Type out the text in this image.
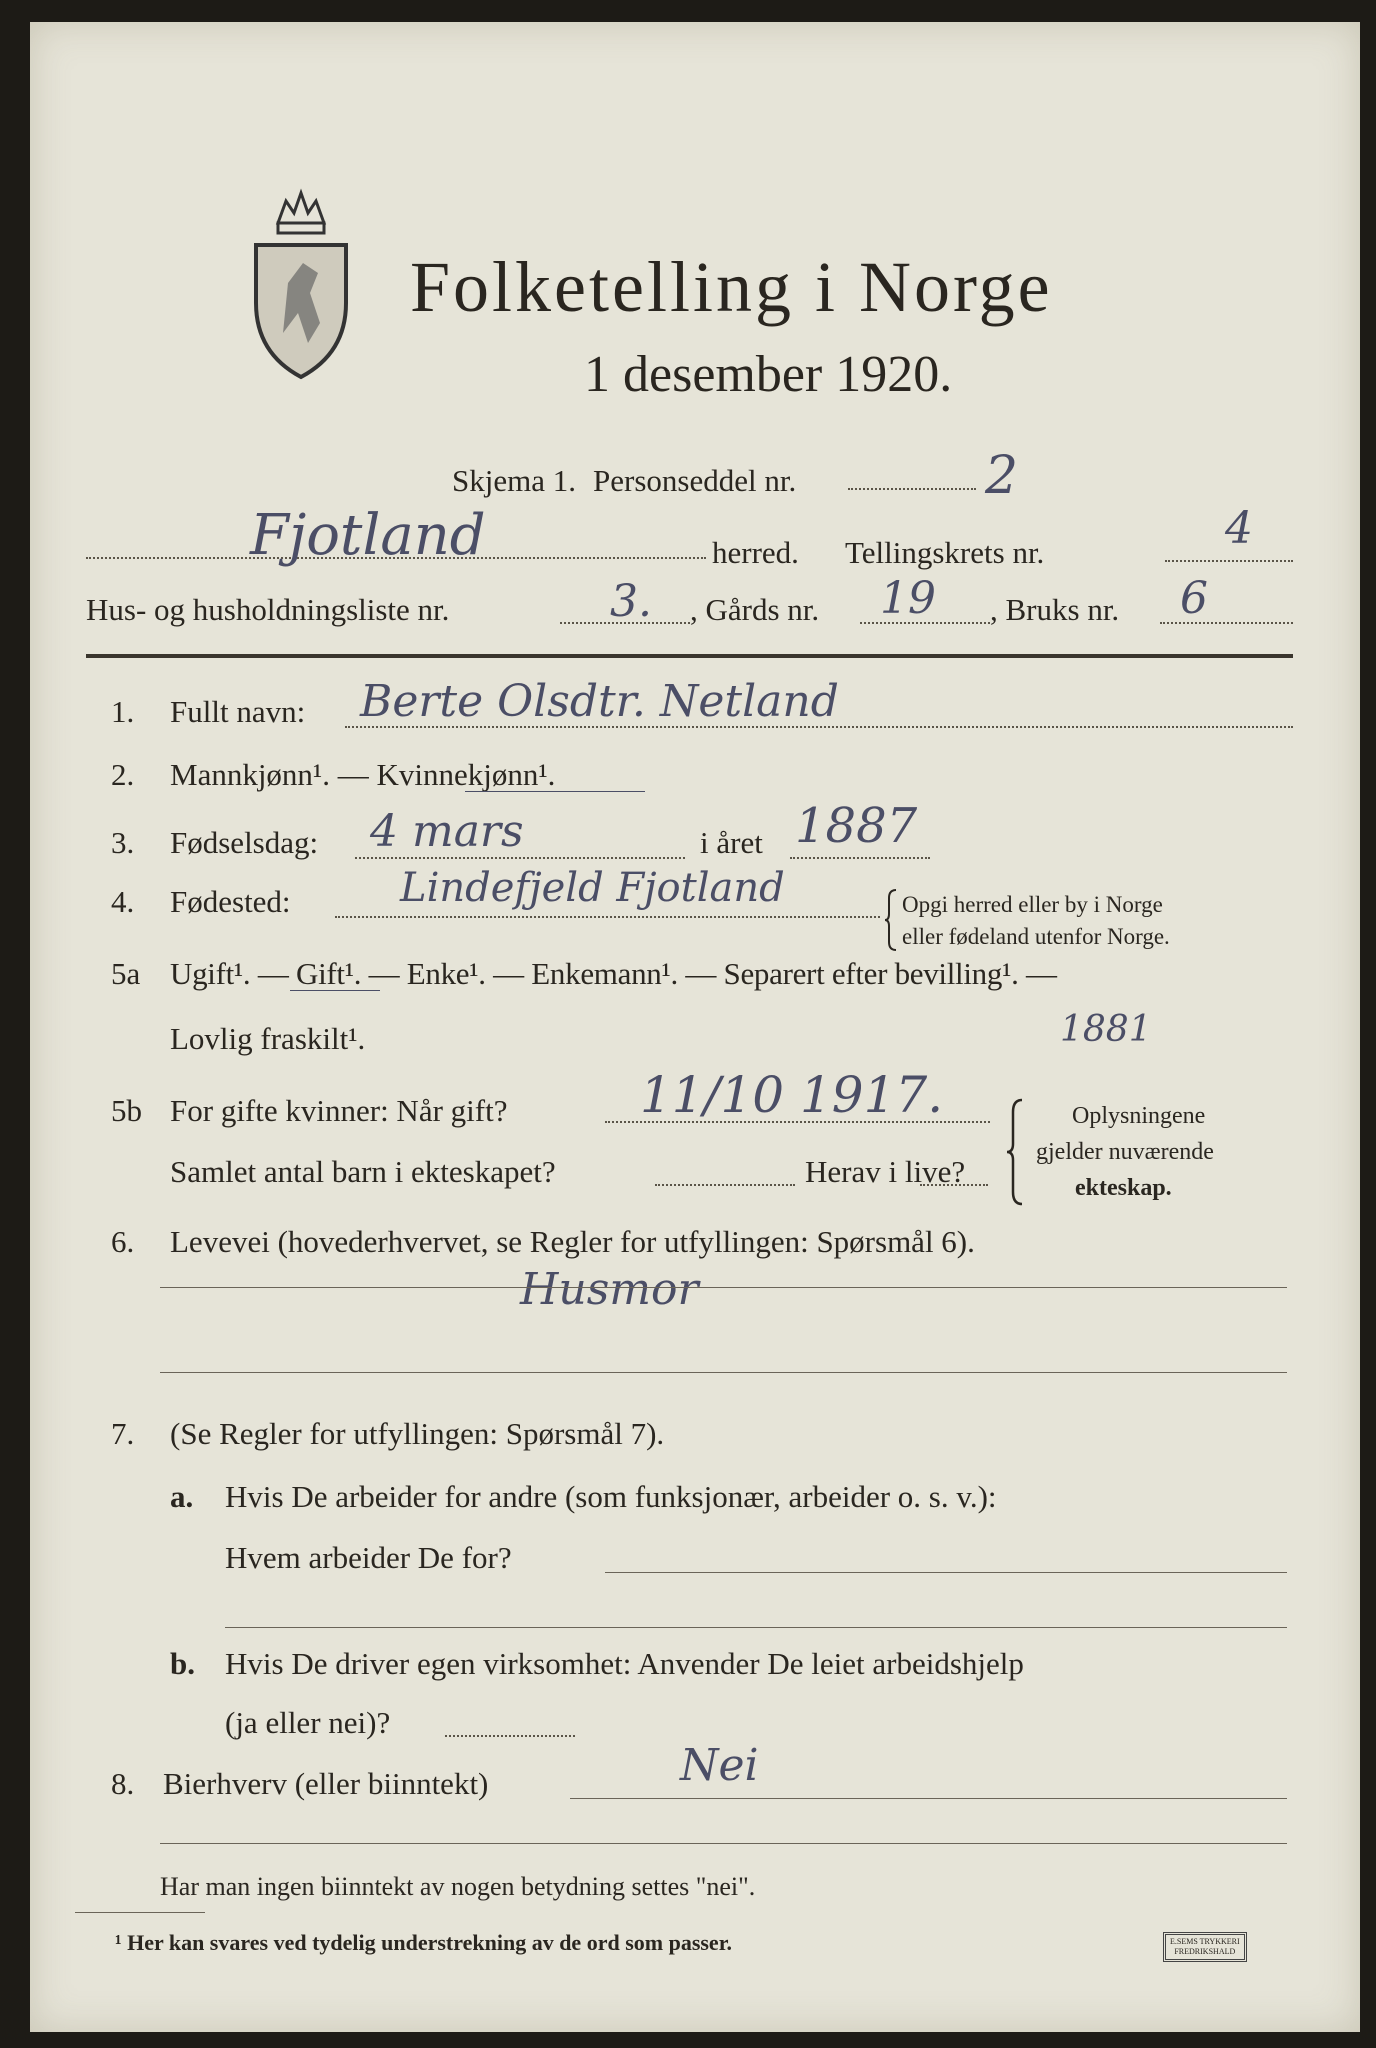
Folketelling i Norge
1 desember 1920.
Skjema 1. Personseddel nr.	2
Fjotland	herred. Tellingskrets nr.	4
Hus- og husholdningsliste nr.	3. , Gårds nr. 19 , Bruks nr. 6
1. Fullt navn: Berte Olsdtr. Netland
2. Mannkjønn¹. — Kvinnekjønn¹.
3. Fødselsdag: 4 mars	i året 1887
4. Fødested:	Lindefjeld Fjotland	Opgi herred eller by i Norge
eller fødeland utenfor Norge.
5a Ugift¹. — Gift¹. — Enke¹. — Enkemann¹. — Separert efter bevilling¹. —
Lovlig fraskilt¹.	1881
5b For gifte kvinner: Når gift?	11/10 1917.
Samlet antal barn i ekteskapet?	Herav i live?
Oplysningene
gjelder nuværende
ekteskap.
6. Levevei (hovederhvervet, se Regler for utfyllingen: Spørsmål 6).
Husmor
7. (Se Regler for utfyllingen: Spørsmål 7).
a. Hvis De arbeider for andre (som funksjonær, arbeider o. s. v.):
Hvem arbeider De for?
b. Hvis De driver egen virksomhet: Anvender De leiet arbeidshjelp
(ja eller nei)?
8. Bierhverv (eller biinntekt)	Nei
Har man ingen biinntekt av nogen betydning settes "nei".
¹ Her kan svares ved tydelig understrekning av de ord som passer.	E.SEMS TRYKKERI
FREDRIKSHALD
